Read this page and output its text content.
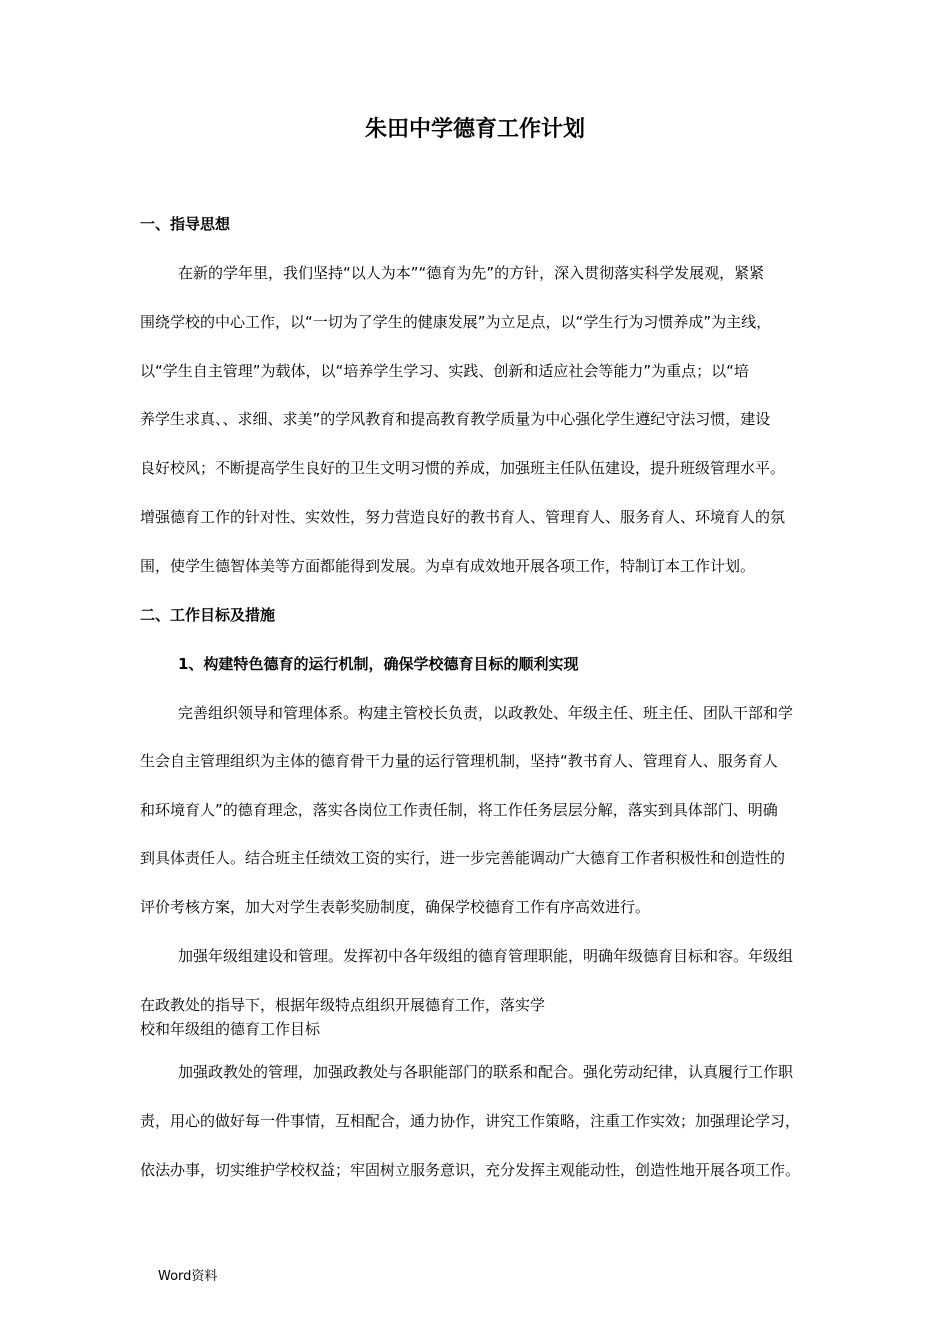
朱田中学德育工作计划
一、指导思想

在新的学年里，我们坚持“以人为本”“德育为先”的方针，深入贯彻落实科学发展观，紧紧

围绕学校的中心工作，以“一切为了学生的健康发展”为立足点，以“学生行为习惯养成”为主线，

以“学生自主管理”为载体，以“培养学生学习、实践、创新和适应社会等能力”为重点；以“培

养学生求真、、求细、求美”的学风教育和提高教育教学质量为中心强化学生遵纪守法习惯，建设

良好校风；不断提高学生良好的卫生文明习惯的养成，加强班主任队伍建设，提升班级管理水平。

增强德育工作的针对性、实效性，努力营造良好的教书育人、管理育人、服务育人、环境育人的氛

围，使学生德智体美等方面都能得到发展。为卓有成效地开展各项工作，特制订本工作计划。

二、工作目标及措施
1、构建特色德育的运行机制，确保学校德育目标的顺利实现

完善组织领导和管理体系。构建主管校长负责，以政教处、年级主任、班主任、团队干部和学

生会自主管理组织为主体的德育骨干力量的运行管理机制，坚持“教书育人、管理育人、服务育人

和环境育人”的德育理念，落实各岗位工作责任制，将工作任务层层分解，落实到具体部门、明确

到具体责任人。结合班主任绩效工资的实行，进一步完善能调动广大德育工作者积极性和创造性的

评价考核方案，加大对学生表彰奖励制度，确保学校德育工作有序高效进行。

加强年级组建设和管理。发挥初中各年级组的德育管理职能，明确年级德育目标和容。年级组

在政教处的指导下，根据年级特点组织开展德育工作，落实学

校和年级组的德育工作目标

加强政教处的管理，加强政教处与各职能部门的联系和配合。强化劳动纪律，认真履行工作职

责，用心的做好每一件事情，互相配合，通力协作，讲究工作策略，注重工作实效；加强理论学习，

依法办事，切实维护学校权益；牢固树立服务意识，充分发挥主观能动性，创造性地开展各项工作。

Word资料
